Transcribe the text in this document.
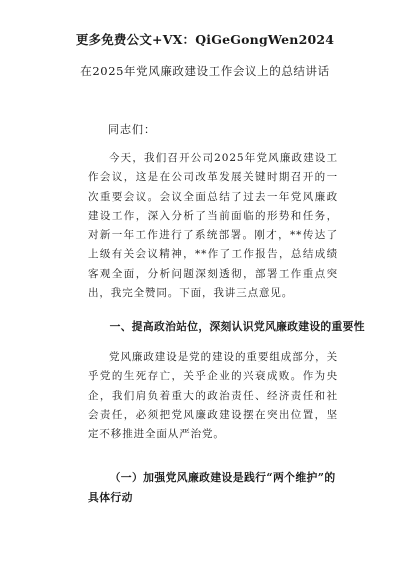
更多免费公文+VX：QiGeGongWen2024
在2025年党风廉政建设工作会议上的总结讲话
同志们：

今天，我们召开公司2025年党风廉政建设工作会议，这是在公司改革发展关键时期召开的一次重要会议。会议全面总结了过去一年党风廉政建设工作，深入分析了当前面临的形势和任务，对新一年工作进行了系统部署。刚才，**传达了上级有关会议精神，**作了工作报告，总结成绩客观全面，分析问题深刻透彻，部署工作重点突出，我完全赞同。下面，我讲三点意见。

一、提高政治站位，深刻认识党风廉政建设的重要性

党风廉政建设是党的建设的重要组成部分，关乎党的生死存亡，关乎企业的兴衰成败。作为央企，我们肩负着重大的政治责任、经济责任和社会责任，必须把党风廉政建设摆在突出位置，坚定不移推进全面从严治党。

（一）加强党风廉政建设是践行“两个维护”的具体行动
